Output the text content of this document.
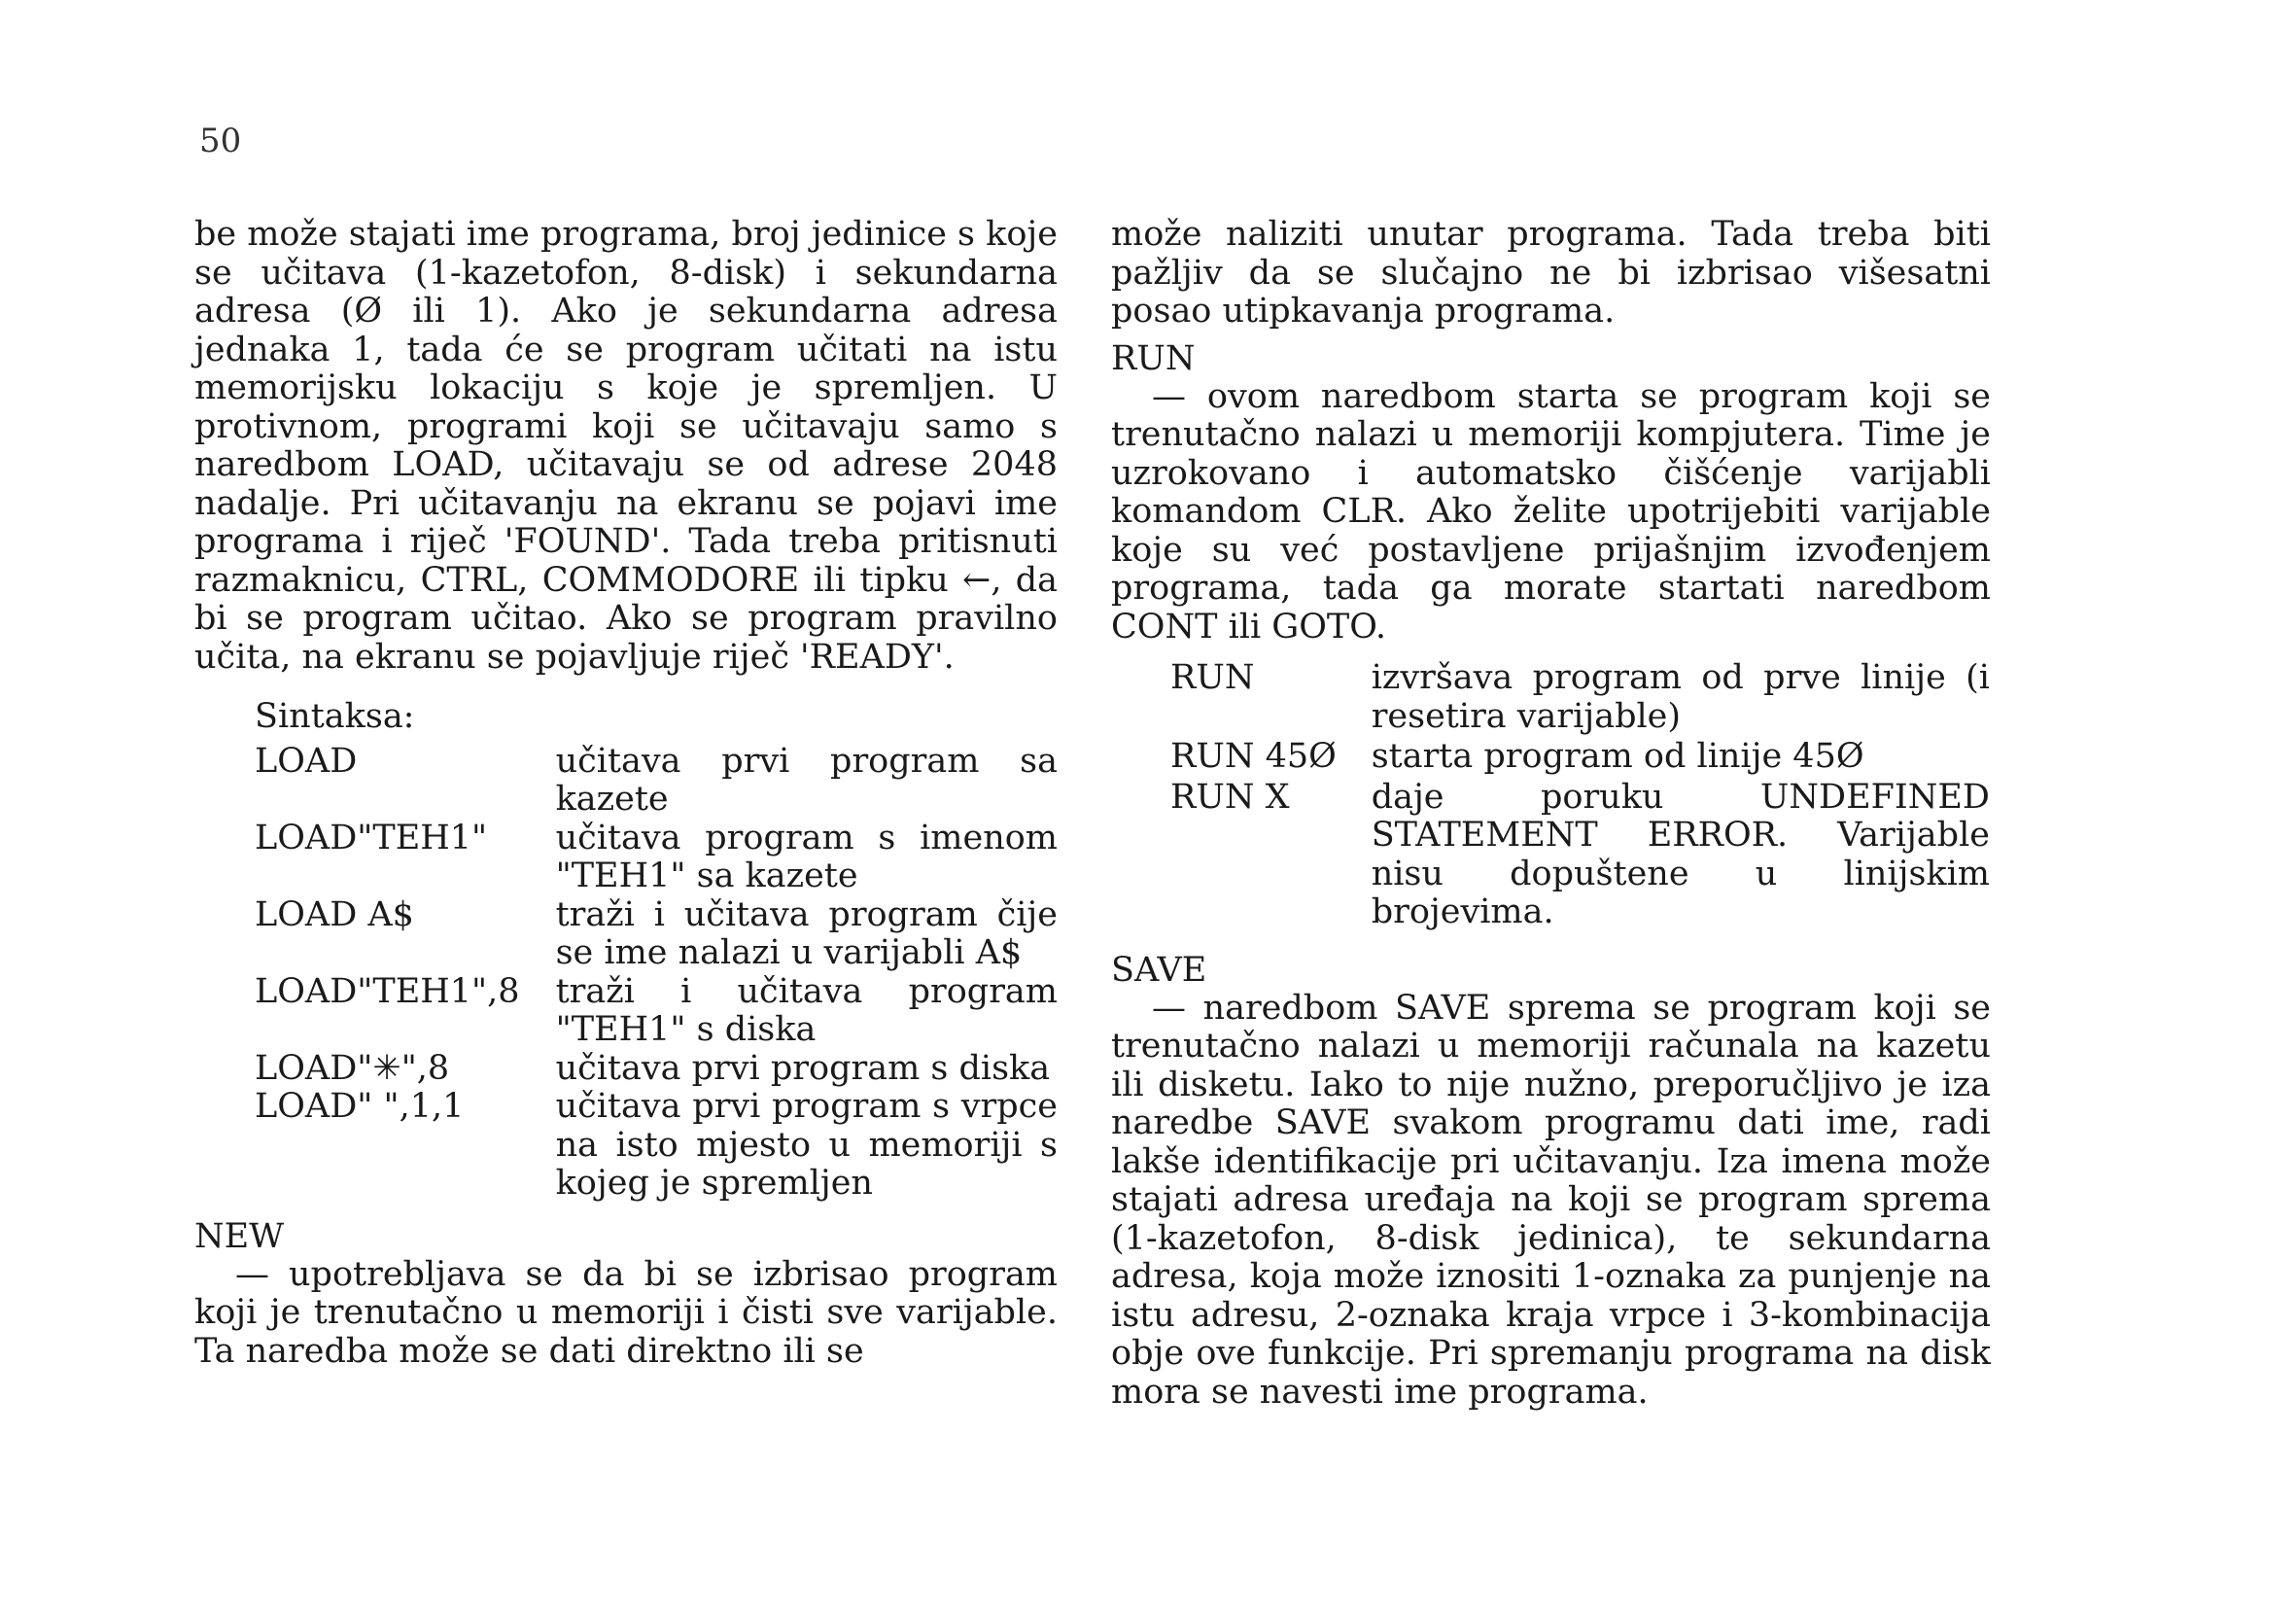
50

be može stajati ime programa, broj jedinice s koje se učitava (1-kazetofon, 8-disk) i sekundarna adresa (Ø ili 1). Ako je sekundarna adresa jednaka 1, tada će se program učitati na istu memorijsku lokaciju s koje je spremljen. U protivnom, programi koji se učitavaju samo s naredbom LOAD, učitavaju se od adrese 2048 nadalje. Pri učitavanju na ekranu se pojavi ime programa i riječ 'FOUND'. Tada treba pritisnuti razmaknicu, CTRL, COMMODORE ili tipku ←, da bi se program učitao. Ako se program pravilno učita, na ekranu se pojavljuje riječ 'READY'.

Sintaksa:
LOAD	učitava prvi program sa kazete
LOAD"TEH1"	učitava program s imenom "TEH1" sa kazete
LOAD A$	traži i učitava program čije se ime nalazi u varijabli A$
LOAD"TEH1",8	traži i učitava program "TEH1" s diska
LOAD"✳",8	učitava prvi program s diska
LOAD" ",1,1	učitava prvi program s vrpce na isto mjesto u memoriji s kojeg je spremljen
NEW

— upotrebljava se da bi se izbrisao program koji je trenutačno u memoriji i čisti sve varijable. Ta naredba može se dati direktno ili se

može naliziti unutar programa. Tada treba biti pažljiv da se slučajno ne bi izbrisao višesatni posao utipkavanja programa.

RUN

— ovom naredbom starta se program koji se trenutačno nalazi u memoriji kompjutera. Time je uzrokovano i automatsko čišćenje varijabli komandom CLR. Ako želite upotrijebiti varijable koje su već postavljene prijašnjim izvođenjem programa, tada ga morate startati naredbom CONT ili GOTO.

RUN	izvršava program od prve linije (i resetira varijable)
RUN 45Ø	starta program od linije 45Ø
RUN X	daje poruku UNDEFINED STATEMENT ERROR. Varijable nisu dopuštene u linijskim brojevima.
SAVE

— naredbom SAVE sprema se program koji se trenutačno nalazi u memoriji računala na kazetu ili disketu. Iako to nije nužno, preporučljivo je iza naredbe SAVE svakom programu dati ime, radi lakše identifikacije pri učitavanju. Iza imena može stajati adresa uređaja na koji se program sprema (1-kazetofon, 8-disk jedinica), te sekundarna adresa, koja može iznositi 1-oznaka za punjenje na istu adresu, 2-oznaka kraja vrpce i 3-kombinacija obje ove funkcije. Pri spremanju programa na disk mora se navesti ime programa.
